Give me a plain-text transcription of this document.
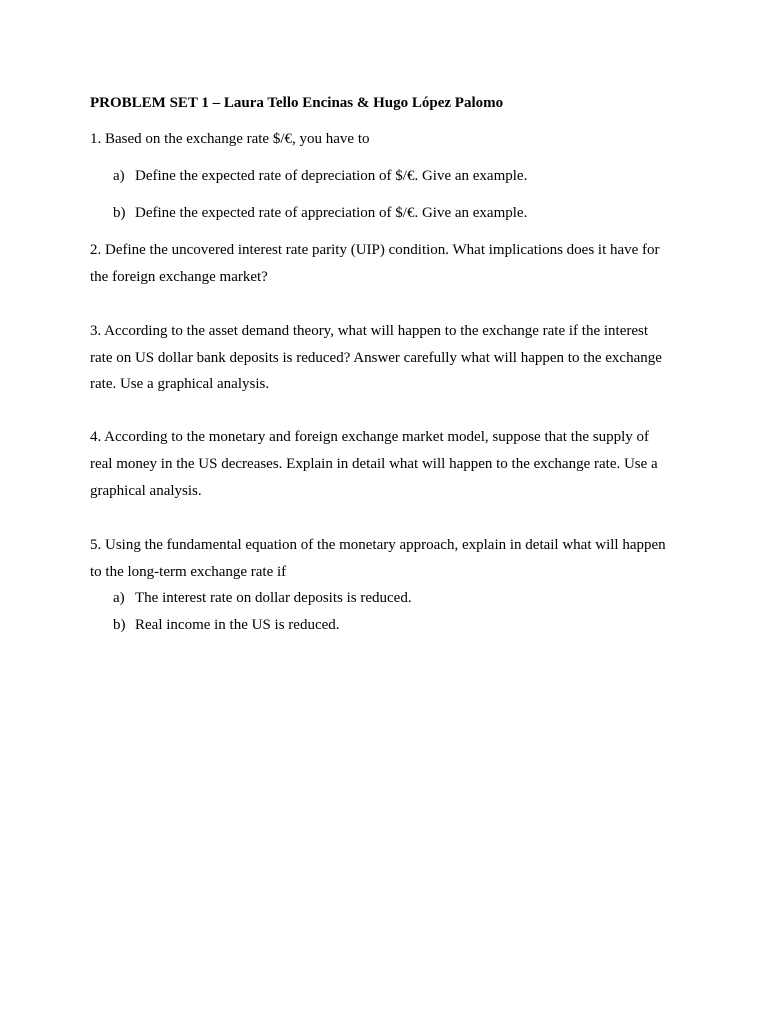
PROBLEM SET 1 – Laura Tello Encinas & Hugo López Palomo
1. Based on the exchange rate $/€, you have to
a) Define the expected rate of depreciation of $/€. Give an example.
b) Define the expected rate of appreciation of $/€. Give an example.
2. Define the uncovered interest rate parity (UIP) condition. What implications does it have for
the foreign exchange market?
3. According to the asset demand theory, what will happen to the exchange rate if the interest
rate on US dollar bank deposits is reduced? Answer carefully what will happen to the exchange
rate. Use a graphical analysis.
4. According to the monetary and foreign exchange market model, suppose that the supply of
real money in the US decreases. Explain in detail what will happen to the exchange rate. Use a
graphical analysis.
5. Using the fundamental equation of the monetary approach, explain in detail what will happen
to the long-term exchange rate if
a) The interest rate on dollar deposits is reduced.
b) Real income in the US is reduced.
